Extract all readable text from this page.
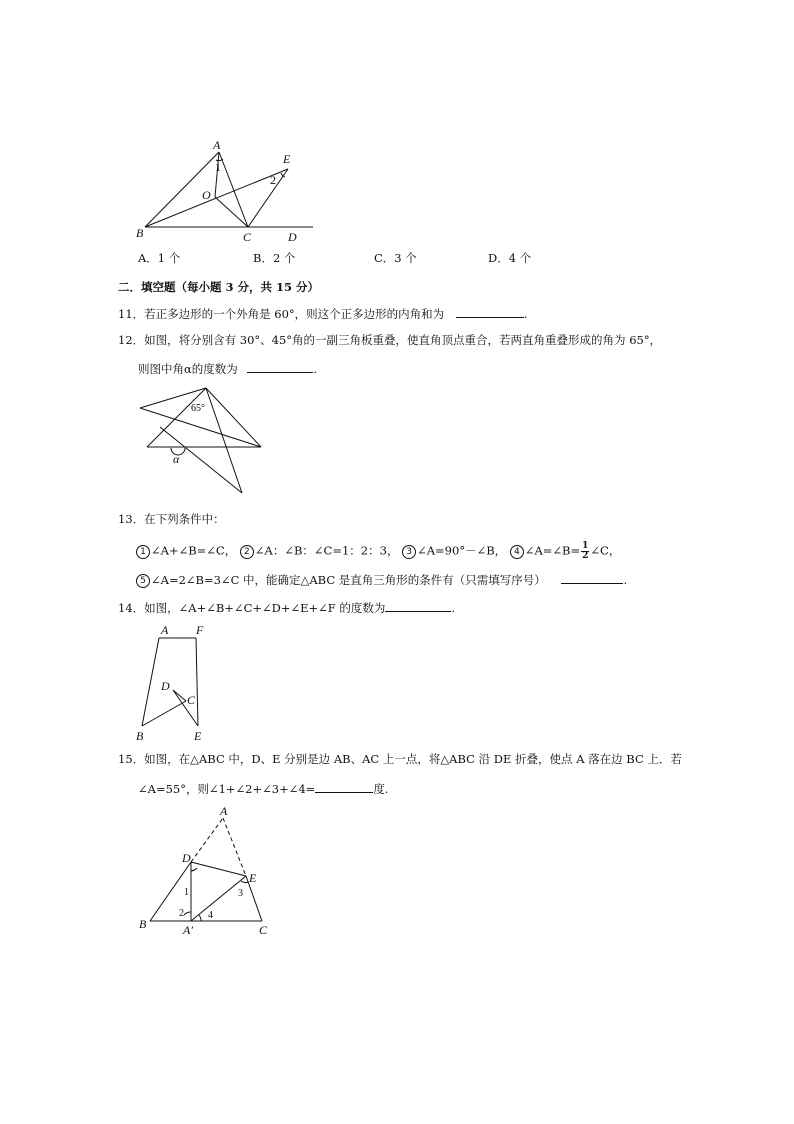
A
E
O
B	C	D
1
2
A．1 个	B．2 个	C．3 个	D．4 个
二．填空题（每小题 3 分，共 15 分）
11．若正多边形的一个外角是 60°，则这个正多边形的内角和为	.
12．如图，将分别含有 30°、45°角的一副三角板重叠，使直角顶点重合，若两直角重叠形成的角为 65°，
则图中角α的度数为	.
65°
α
13．在下列条件中：
1 ∠A+∠B=∠C， 2 ∠A：∠B：∠C=1：2：3， 3 ∠A=90°－∠B， 4 ∠A=∠B= $\frac{1}{2}$ ∠C，
5 ∠A=2∠B=3∠C 中，能确定△ABC 是直角三角形的条件有（只需填写序号）	.
14．如图，∠A+∠B+∠C+∠D+∠E+∠F 的度数为	.
A F
D
C
B	E
15．如图，在△ABC 中，D、E 分别是边 AB、AC 上一点，将△ABC 沿 DE 折叠，使点 A 落在边 BC 上．若
∠A=55°，则∠1+∠2+∠3+∠4=	度.
A
D
E
B	A′	C
1
2
3
4
